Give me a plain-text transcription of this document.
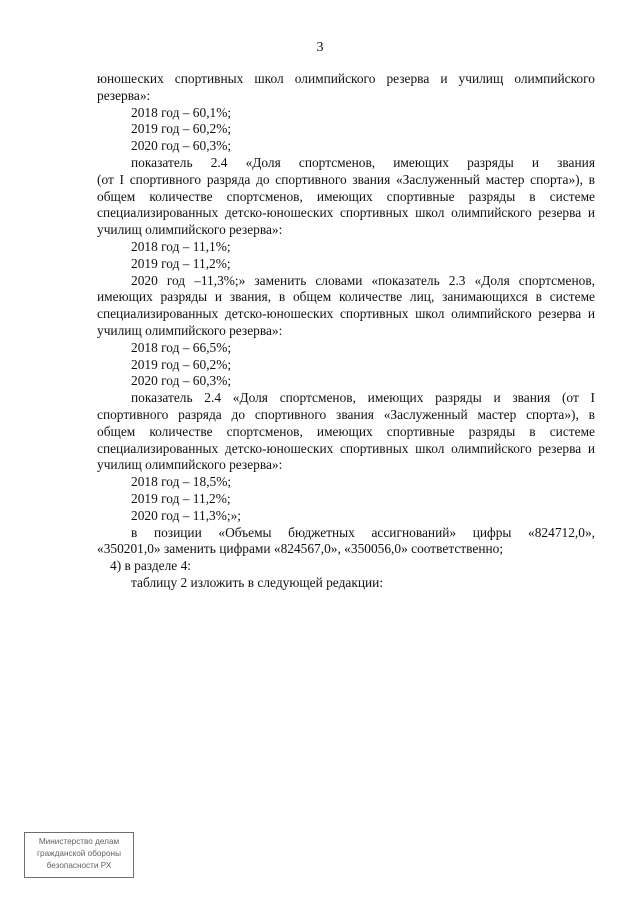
3
юношеских спортивных школ олимпийского резерва и училищ олимпийского
резерва»:
2018 год – 60,1%;
2019 год – 60,2%;
2020 год – 60,3%;
показатель 2.4 «Доля спортсменов, имеющих разряды и звания
(от I спортивного разряда до спортивного звания «Заслуженный мастер спорта»), в
общем количестве спортсменов, имеющих спортивные разряды в системе
специализированных детско-юношеских спортивных школ олимпийского резерва и
училищ олимпийского резерва»:
2018 год – 11,1%;
2019 год – 11,2%;
2020 год –11,3%;» заменить словами «показатель 2.3 «Доля спортсменов,
имеющих разряды и звания, в общем количестве лиц, занимающихся в системе
специализированных детско-юношеских спортивных школ олимпийского резерва и
училищ олимпийского резерва»:
2018 год – 66,5%;
2019 год – 60,2%;
2020 год – 60,3%;
показатель 2.4 «Доля спортсменов, имеющих разряды и звания (от I
спортивного разряда до спортивного звания «Заслуженный мастер спорта»), в
общем количестве спортсменов, имеющих спортивные разряды в системе
специализированных детско-юношеских спортивных школ олимпийского резерва и
училищ олимпийского резерва»:
2018 год – 18,5%;
2019 год – 11,2%;
2020 год – 11,3%;»;
в позиции «Объемы бюджетных ассигнований» цифры «824712,0»,
«350201,0» заменить цифрами «824567,0», «350056,0» соответственно;
4) в разделе 4:
таблицу 2 изложить в следующей редакции:
Министерство делам
гражданской обороны
безопасности РХ
